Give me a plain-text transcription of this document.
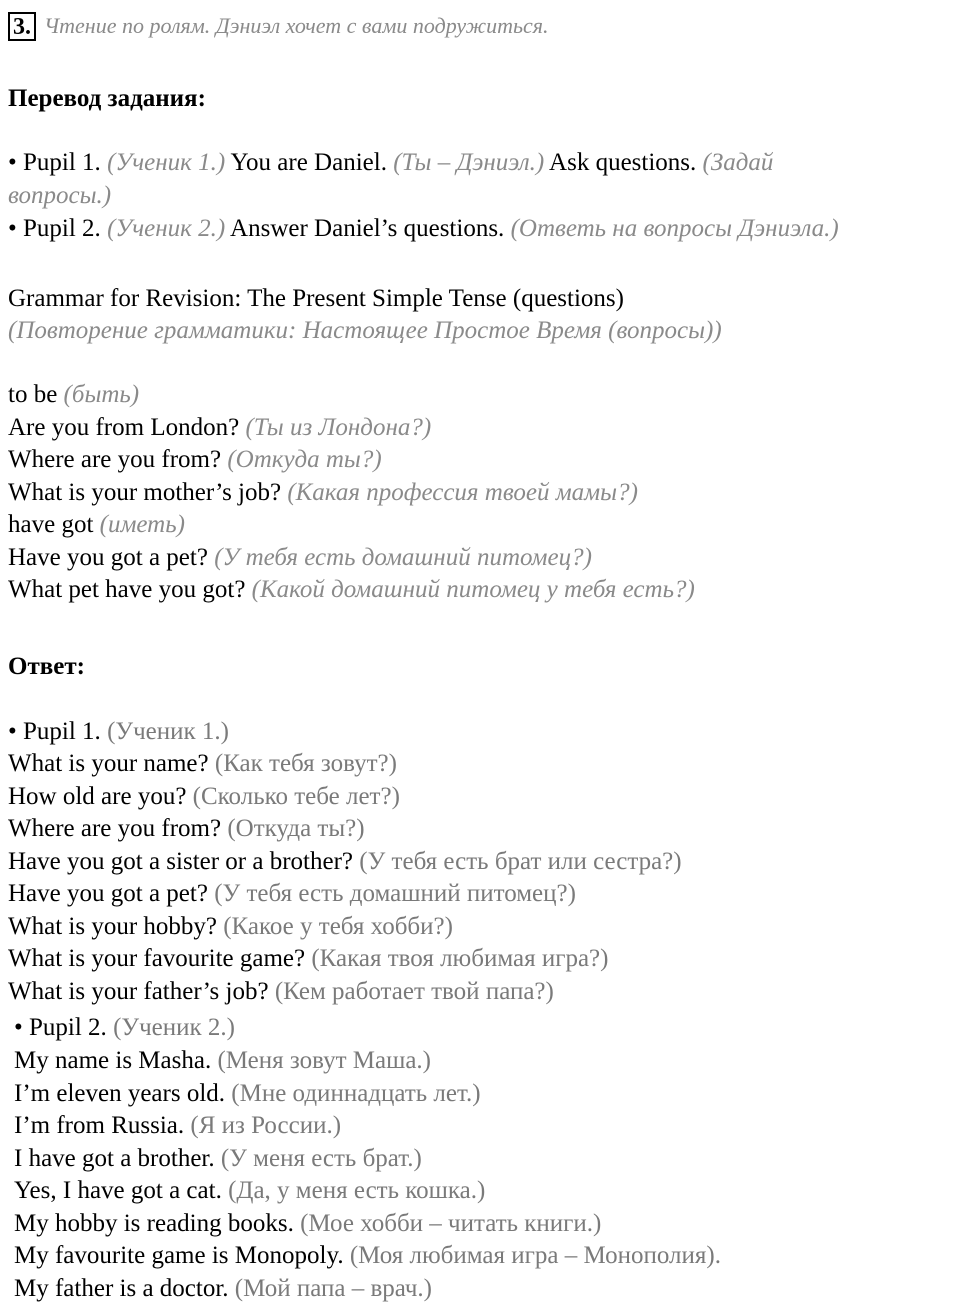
3. Чтение по ролям. Дэниэл хочет с вами подружиться.
Перевод задания:
• Pupil 1. (Ученик 1.) You are Daniel. (Ты – Дэниэл.) Ask questions. (Задай
вопросы.)
• Pupil 2. (Ученик 2.) Answer Daniel’s questions. (Ответь на вопросы Дэниэла.)
Grammar for Revision: The Present Simple Tense (questions)
(Повторение грамматики: Настоящее Простое Время (вопросы))
to be (быть)
Are you from London? (Ты из Лондона?)
Where are you from? (Откуда ты?)
What is your mother’s job? (Какая профессия твоей мамы?)
have got (иметь)
Have you got a pet? (У тебя есть домашний питомец?)
What pet have you got? (Какой домашний питомец у тебя есть?)
Ответ:
• Pupil 1. (Ученик 1.)
What is your name? (Как тебя зовут?)
How old are you? (Сколько тебе лет?)
Where are you from? (Откуда ты?)
Have you got a sister or a brother? (У тебя есть брат или сестра?)
Have you got a pet? (У тебя есть домашний питомец?)
What is your hobby? (Какое у тебя хобби?)
What is your favourite game? (Какая твоя любимая игра?)
What is your father’s job? (Кем работает твой папа?)
• Pupil 2. (Ученик 2.)
My name is Masha. (Меня зовут Маша.)
I’m eleven years old. (Мне одиннадцать лет.)
I’m from Russia. (Я из России.)
I have got a brother. (У меня есть брат.)
Yes, I have got a cat. (Да, у меня есть кошка.)
My hobby is reading books. (Мое хобби – читать книги.)
My favourite game is Monopoly. (Моя любимая игра – Монополия).
My father is a doctor. (Мой папа – врач.)
